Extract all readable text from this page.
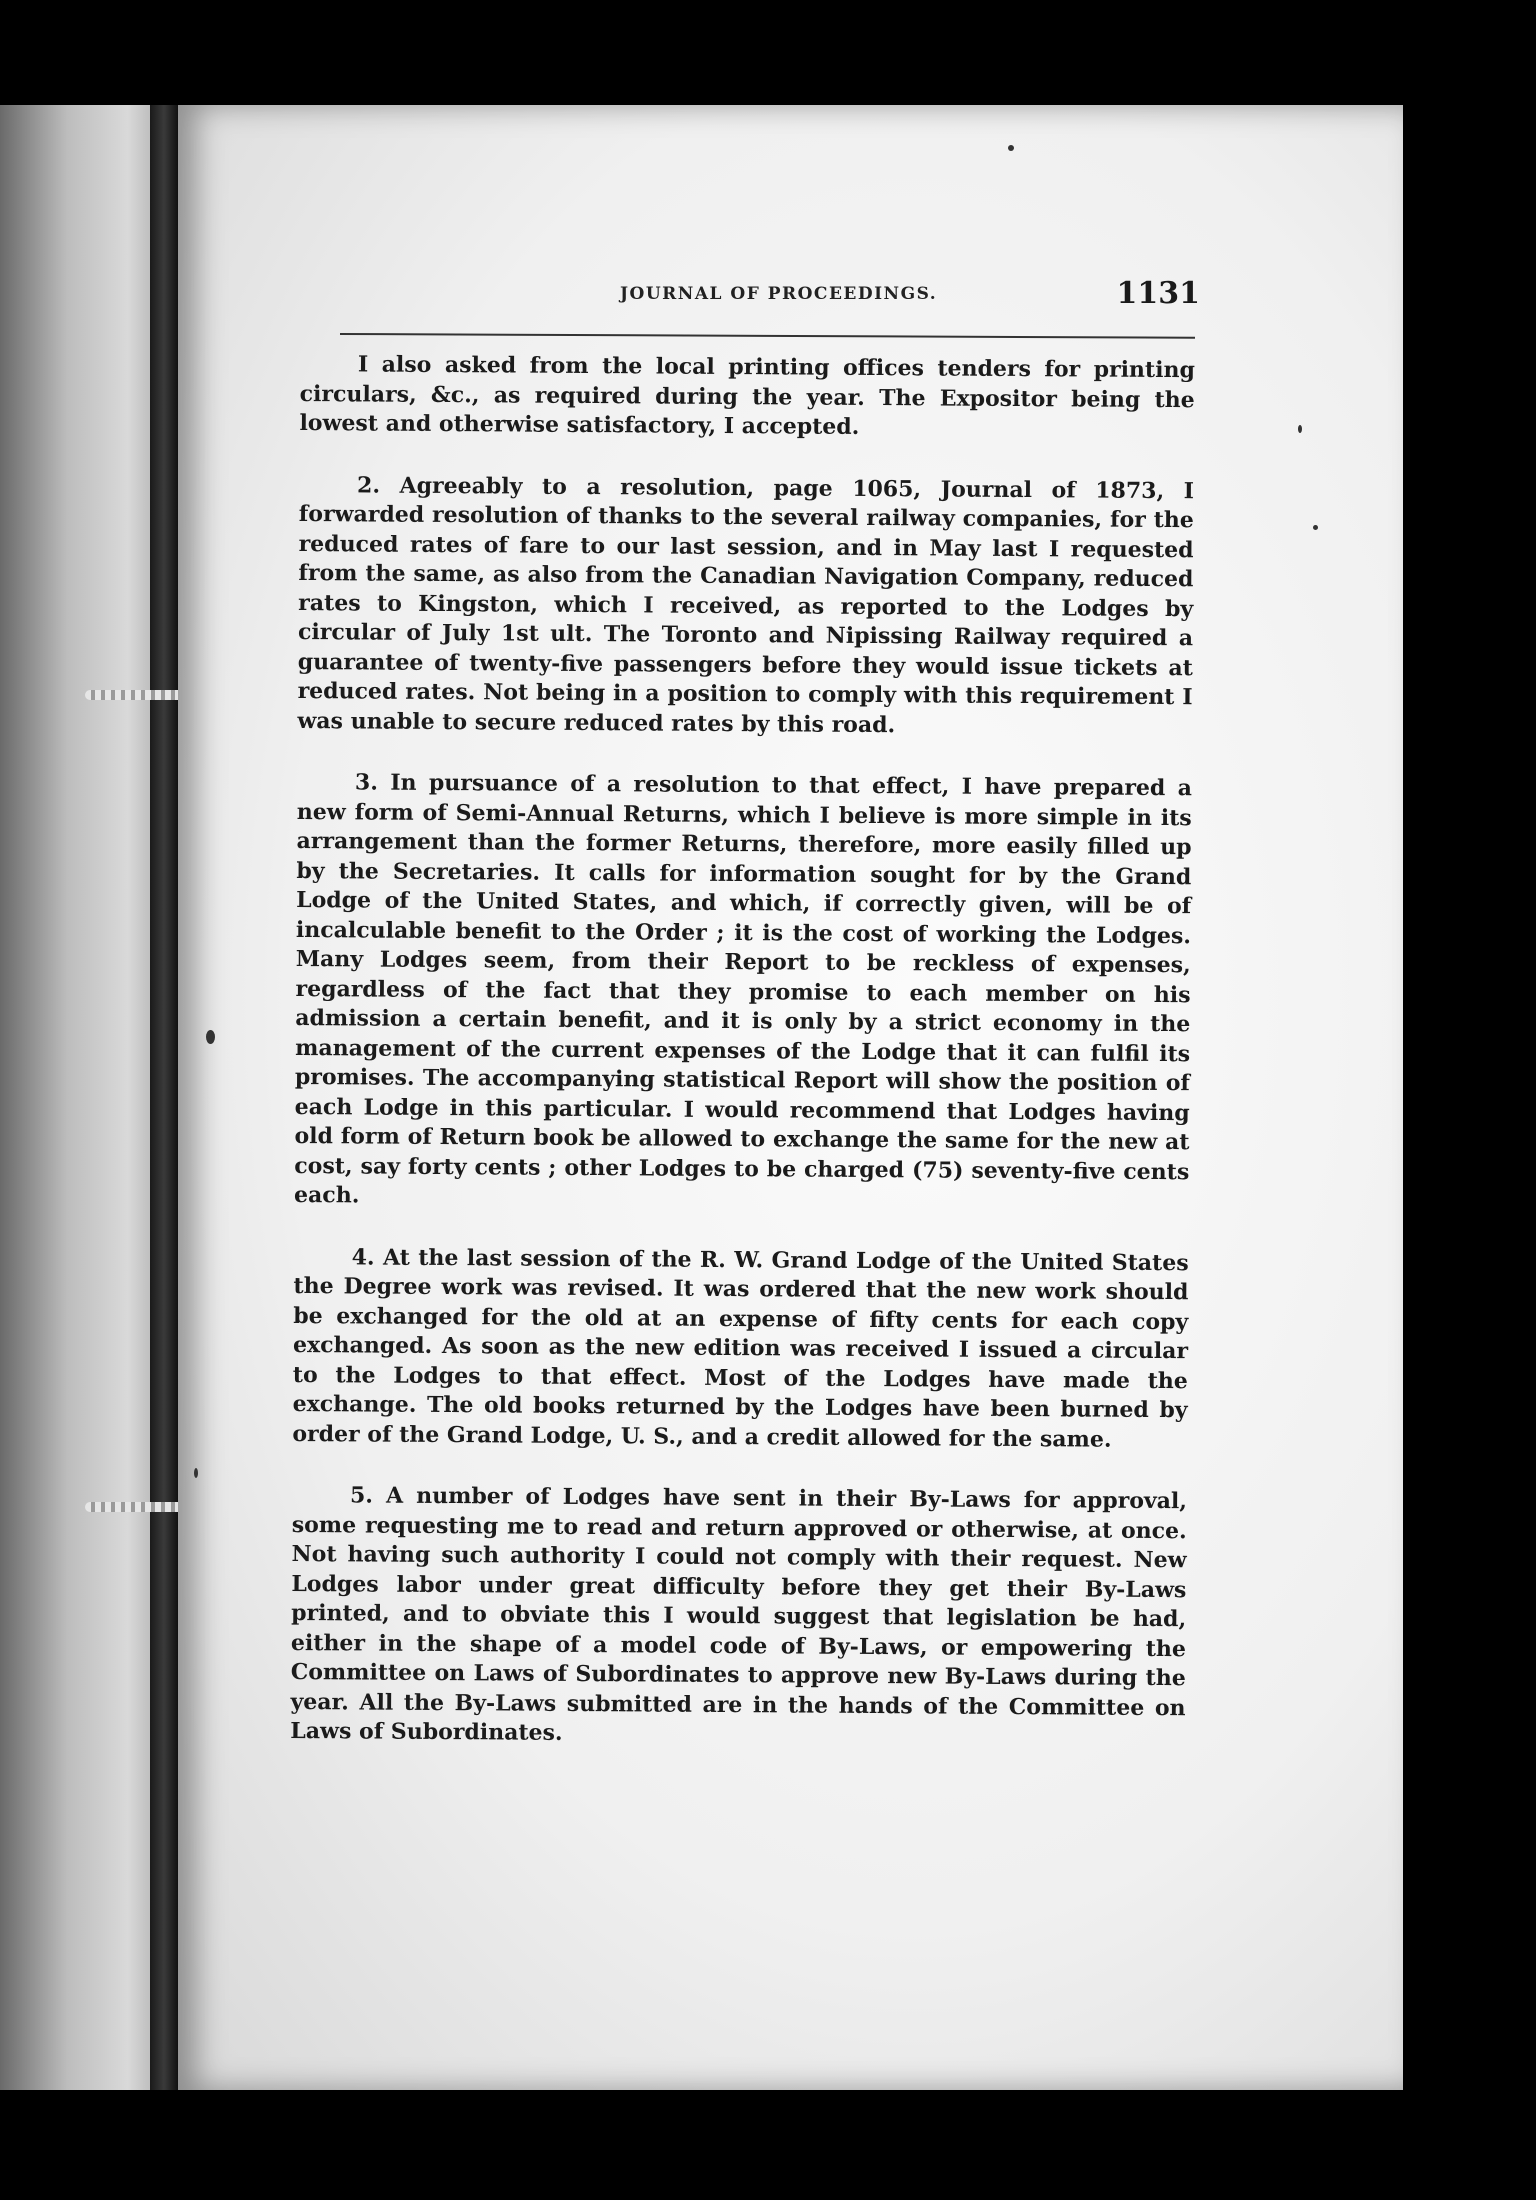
JOURNAL OF PROCEEDINGS.	1131

I also asked from the local printing offices tenders for printing circulars, &c., as required during the year. The Expositor being the lowest and otherwise satisfactory, I accepted.

2. Agreeably to a resolution, page 1065, Journal of 1873, I forwarded resolution of thanks to the several railway companies, for the reduced rates of fare to our last session, and in May last I requested from the same, as also from the Canadian Navigation Company, reduced rates to Kingston, which I received, as reported to the Lodges by circular of July 1st ult. The Toronto and Nipissing Railway required a guarantee of twenty-five passengers before they would issue tickets at reduced rates. Not being in a position to comply with this requirement I was unable to secure reduced rates by this road.

3. In pursuance of a resolution to that effect, I have prepared a new form of Semi-Annual Returns, which I believe is more simple in its arrangement than the former Returns, therefore, more easily filled up by the Secretaries. It calls for information sought for by the Grand Lodge of the United States, and which, if correctly given, will be of incalculable benefit to the Order ; it is the cost of working the Lodges. Many Lodges seem, from their Report to be reckless of expenses, regardless of the fact that they promise to each member on his admission a certain benefit, and it is only by a strict economy in the management of the current expenses of the Lodge that it can fulfil its promises. The accompanying statistical Report will show the position of each Lodge in this particular. I would recommend that Lodges having old form of Return book be allowed to exchange the same for the new at cost, say forty cents ; other Lodges to be charged (75) seventy-five cents each.

4. At the last session of the R. W. Grand Lodge of the United States the Degree work was revised. It was ordered that the new work should be exchanged for the old at an expense of fifty cents for each copy exchanged. As soon as the new edition was received I issued a circular to the Lodges to that effect. Most of the Lodges have made the exchange. The old books returned by the Lodges have been burned by order of the Grand Lodge, U. S., and a credit allowed for the same.

5. A number of Lodges have sent in their By-Laws for approval, some requesting me to read and return approved or otherwise, at once. Not having such authority I could not comply with their request. New Lodges labor under great difficulty before they get their By-Laws printed, and to obviate this I would suggest that legislation be had, either in the shape of a model code of By-Laws, or empowering the Committee on Laws of Subordinates to approve new By-Laws during the year. All the By-Laws submitted are in the hands of the Committee on Laws of Subordinates.
